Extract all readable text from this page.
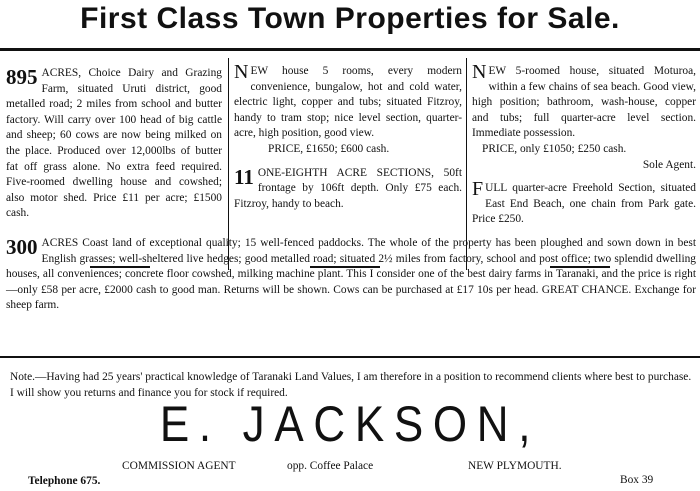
First Class Town Properties for Sale.
895 ACRES, Choice Dairy and Grazing Farm, situated Uruti district, good metalled road; 2 miles from school and butter factory. Will carry over 100 head of big cattle and sheep; 60 cows are now being milked on the place. Produced over 12,000lbs of butter fat off grass alone. No extra feed required. Five-roomed dwelling house and cowshed; also motor shed. Price £11 per acre; £1500 cash.

NEW house 5 rooms, every modern convenience, bungalow, hot and cold water, electric light, copper and tubs; situated Fitzroy, handy to tram stop; nice level section, quarter-acre, high position, good view.

PRICE, £1650; £600 cash.

11 ONE-EIGHTH ACRE SECTIONS, 50ft frontage by 106ft depth. Only £75 each. Fitzroy, handy to beach.

NEW 5-roomed house, situated Moturoa, within a few chains of sea beach. Good view, high position; bathroom, wash-house, copper and tubs; full quarter-acre level section. Immediate possession.

PRICE, only £1050; £250 cash.

Sole Agent.

FULL quarter-acre Freehold Section, situated East End Beach, one chain from Park gate. Price £250.

300 ACRES Coast land of exceptional quality; 15 well-fenced paddocks. The whole of the property has been ploughed and sown down in best English grasses; well-sheltered live hedges; good metalled road; situated 2½ miles from factory, school and post office; two splendid dwelling houses, all conveniences; concrete floor cowshed, milking machine plant. This I consider one of the best dairy farms in Taranaki, and the price is right—only £58 per acre, £2000 cash to good man. Returns will be shown. Cows can be purchased at £17 10s per head. GREAT CHANCE. Exchange for sheep farm.
Note.—Having had 25 years' practical knowledge of Taranaki Land Values, I am therefore in a position to recommend clients where best to purchase. I will show you returns and finance you for stock if required.
E. JACKSON,
COMMISSION AGENT	opp. Coffee Palace	NEW PLYMOUTH.
Telephone 675.	Box 39
